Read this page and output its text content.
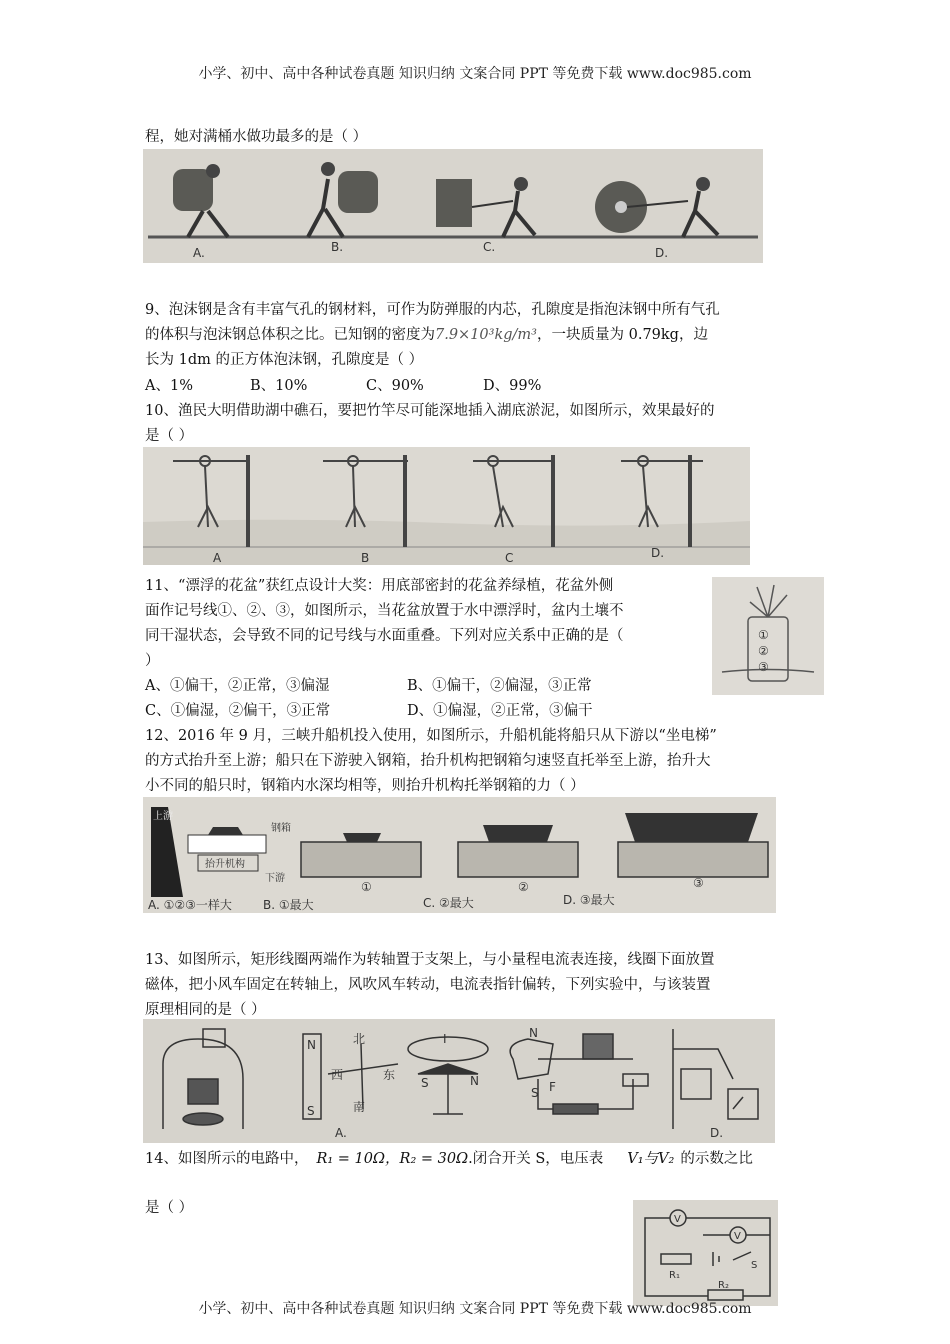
小学、初中、高中各种试卷真题 知识归纳 文案合同 PPT 等免费下载 www.doc985.com
程，她对满桶水做功最多的是（ ）
A.	B.	C.	D.
9、泡沫钢是含有丰富气孔的钢材料，可作为防弹服的内芯，孔隙度是指泡沫钢中所有气孔
的体积与泡沫钢总体积之比。已知钢的密度为7.9×10³kg/m³，一块质量为 0.79kg，边
长为 1dm 的正方体泡沫钢，孔隙度是（ ）
A、1%	B、10%	C、90%	D、99%
10、渔民大明借助湖中礁石，要把竹竿尽可能深地插入湖底淤泥，如图所示，效果最好的
是（ ）
A	B	C	D.
11、“漂浮的花盆”获红点设计大奖：用底部密封的花盆养绿植，花盆外侧
面作记号线①、②、③，如图所示，当花盆放置于水中漂浮时，盆内土壤不
同干湿状态，会导致不同的记号线与水面重叠。下列对应关系中正确的是（
）
①
②
③
A、①偏干，②正常，③偏湿	B、①偏干，②偏湿，③正常
C、①偏湿，②偏干，③正常	D、①偏湿，②正常，③偏干
12、2016 年 9 月，三峡升船机投入使用，如图所示，升船机能将船只从下游以“坐电梯”
的方式抬升至上游；船只在下游驶入钢箱，抬升机构把钢箱匀速竖直托举至上游，抬升大
小不同的船只时，钢箱内水深均相等，则抬升机构托举钢箱的力（ ）
上游
钢箱
抬升机构
下游
①	②	③
A. ①②③一样大	B. ①最大	C. ②最大	D. ③最大
13、如图所示，矩形线圈两端作为转轴置于支架上，与小量程电流表连接，线圈下面放置
磁体，把小风车固定在转轴上，风吹风车转动，电流表指针偏转，下列实验中，与该装置
原理相同的是（ ）
N
S
北
西	东
南
A.
I
S	N
N
S F
D.
14、如图所示的电路中， R₁ = 10Ω，R₂ = 30Ω.闭合开关 S，电压表 V₁与V₂ 的示数之比
是（ ）
V
V
R₁
R₂
S
小学、初中、高中各种试卷真题 知识归纳 文案合同 PPT 等免费下载 www.doc985.com
